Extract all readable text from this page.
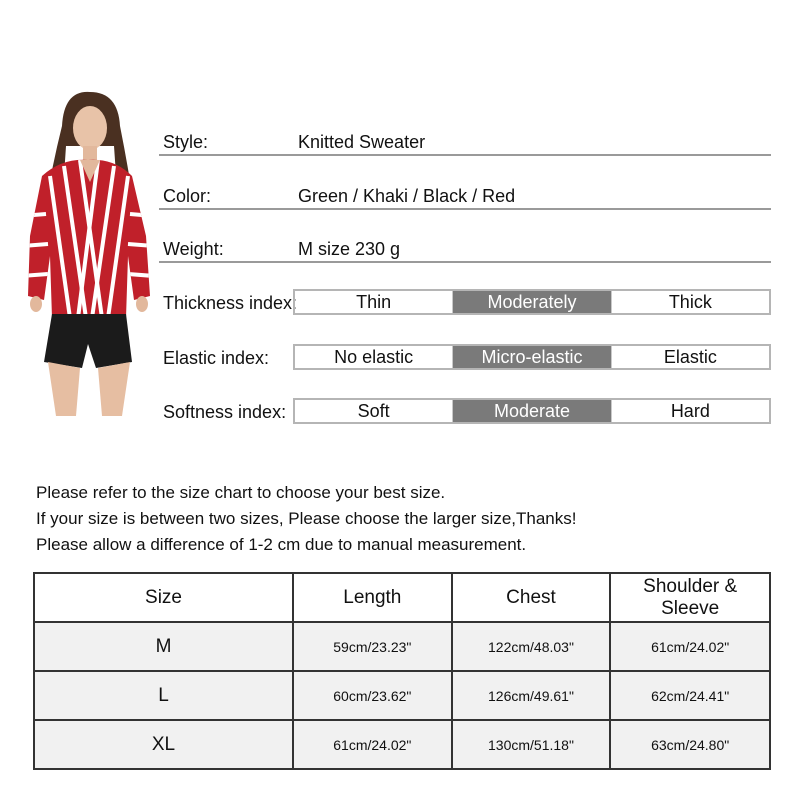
Style:	Knitted Sweater
Color:	Green / Khaki / Black / Red
Weight:	M size 230 g
Thickness index:	Thin	Moderately	Thick
Elastic index:	No elastic	Micro-elastic	Elastic
Softness index:	Soft	Moderate	Hard
Please refer to the size chart to choose your best size.
If your size is between two sizes, Please choose the larger size,Thanks!
Please allow a difference of 1-2 cm due to manual measurement.
Size	Length	Chest	Shoulder & Sleeve
M	59cm/23.23"	122cm/48.03"	61cm/24.02"
L	60cm/23.62"	126cm/49.61"	62cm/24.41"
XL	61cm/24.02"	130cm/51.18"	63cm/24.80"
